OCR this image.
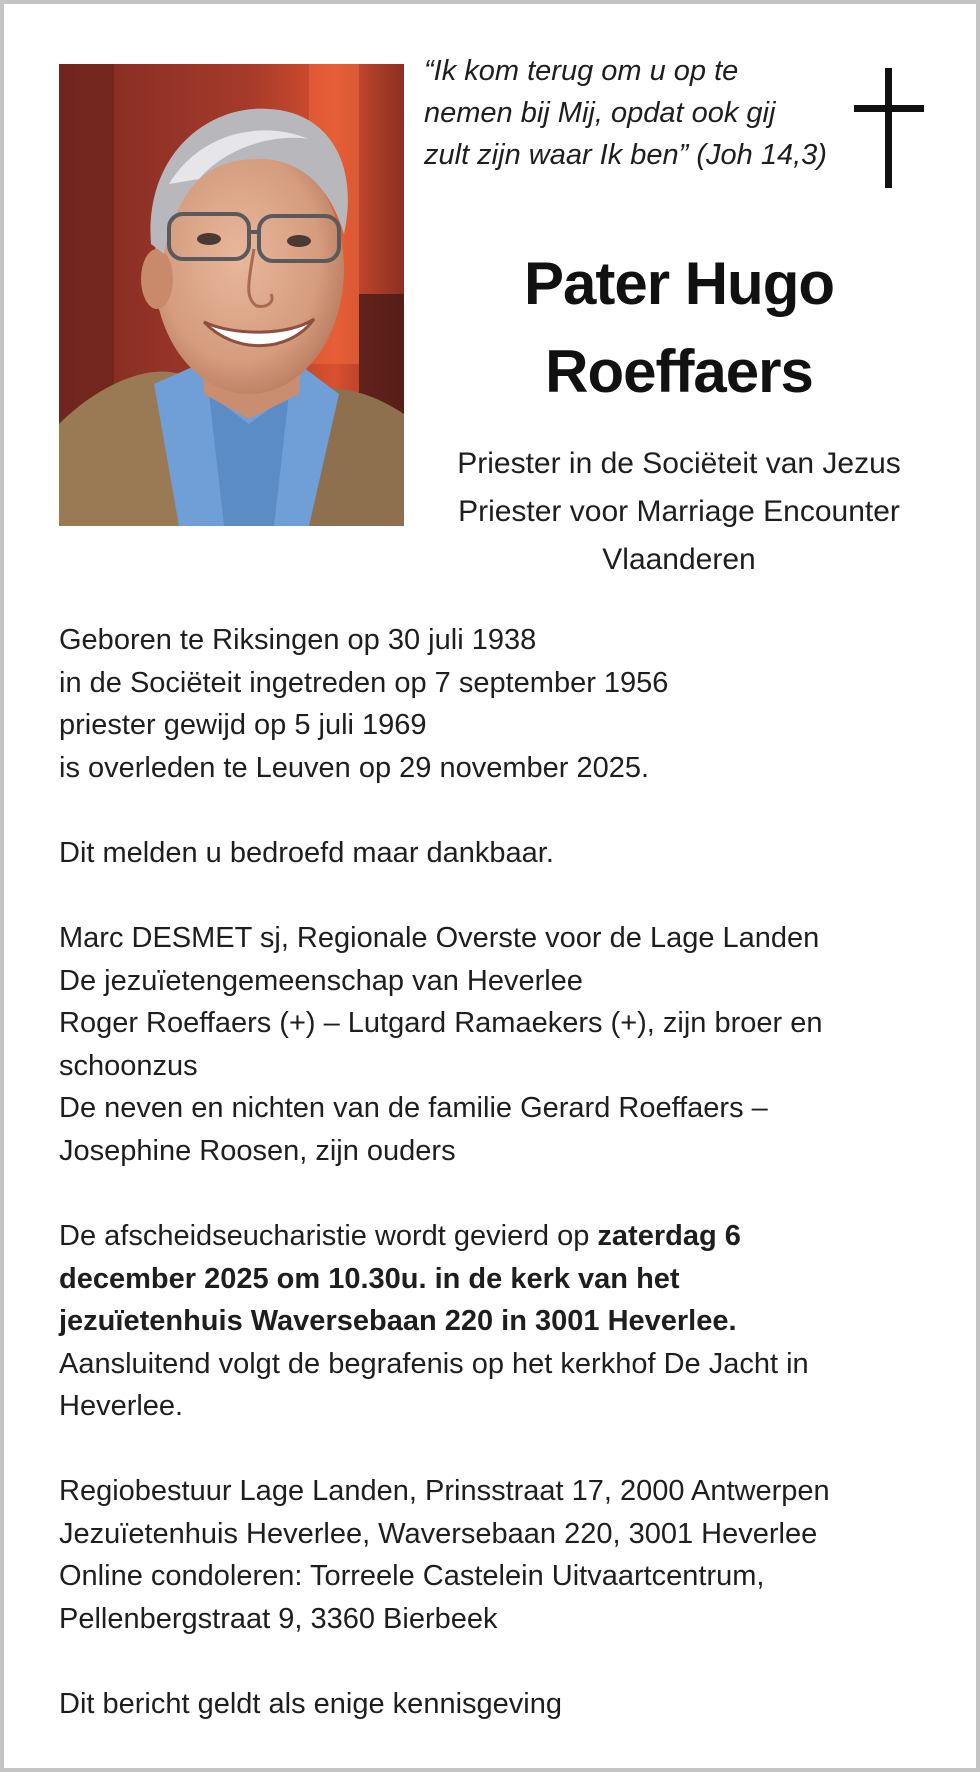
“Ik kom terug om u op te
nemen bij Mij, opdat ook gij
zult zijn waar Ik ben” (Joh 14,3)
Pater Hugo
Roeffaers
Priester in de Sociëteit van Jezus
Priester voor Marriage Encounter
Vlaanderen
Geboren te Riksingen op 30 juli 1938
in de Sociëteit ingetreden op 7 september 1956
priester gewijd op 5 juli 1969
is overleden te Leuven op 29 november 2025.
Dit melden u bedroefd maar dankbaar.
Marc DESMET sj, Regionale Overste voor de Lage Landen
De jezuïetengemeenschap van Heverlee
Roger Roeffaers (+) – Lutgard Ramaekers (+), zijn broer en
schoonzus
De neven en nichten van de familie Gerard Roeffaers –
Josephine Roosen, zijn ouders
De afscheidseucharistie wordt gevierd op zaterdag 6
december 2025 om 10.30u. in de kerk van het
jezuïetenhuis Waversebaan 220 in 3001 Heverlee.
Aansluitend volgt de begrafenis op het kerkhof De Jacht in
Heverlee.
Regiobestuur Lage Landen, Prinsstraat 17, 2000 Antwerpen
Jezuïetenhuis Heverlee, Waversebaan 220, 3001 Heverlee
Online condoleren: Torreele Castelein Uitvaartcentrum,
Pellenbergstraat 9, 3360 Bierbeek
Dit bericht geldt als enige kennisgeving
